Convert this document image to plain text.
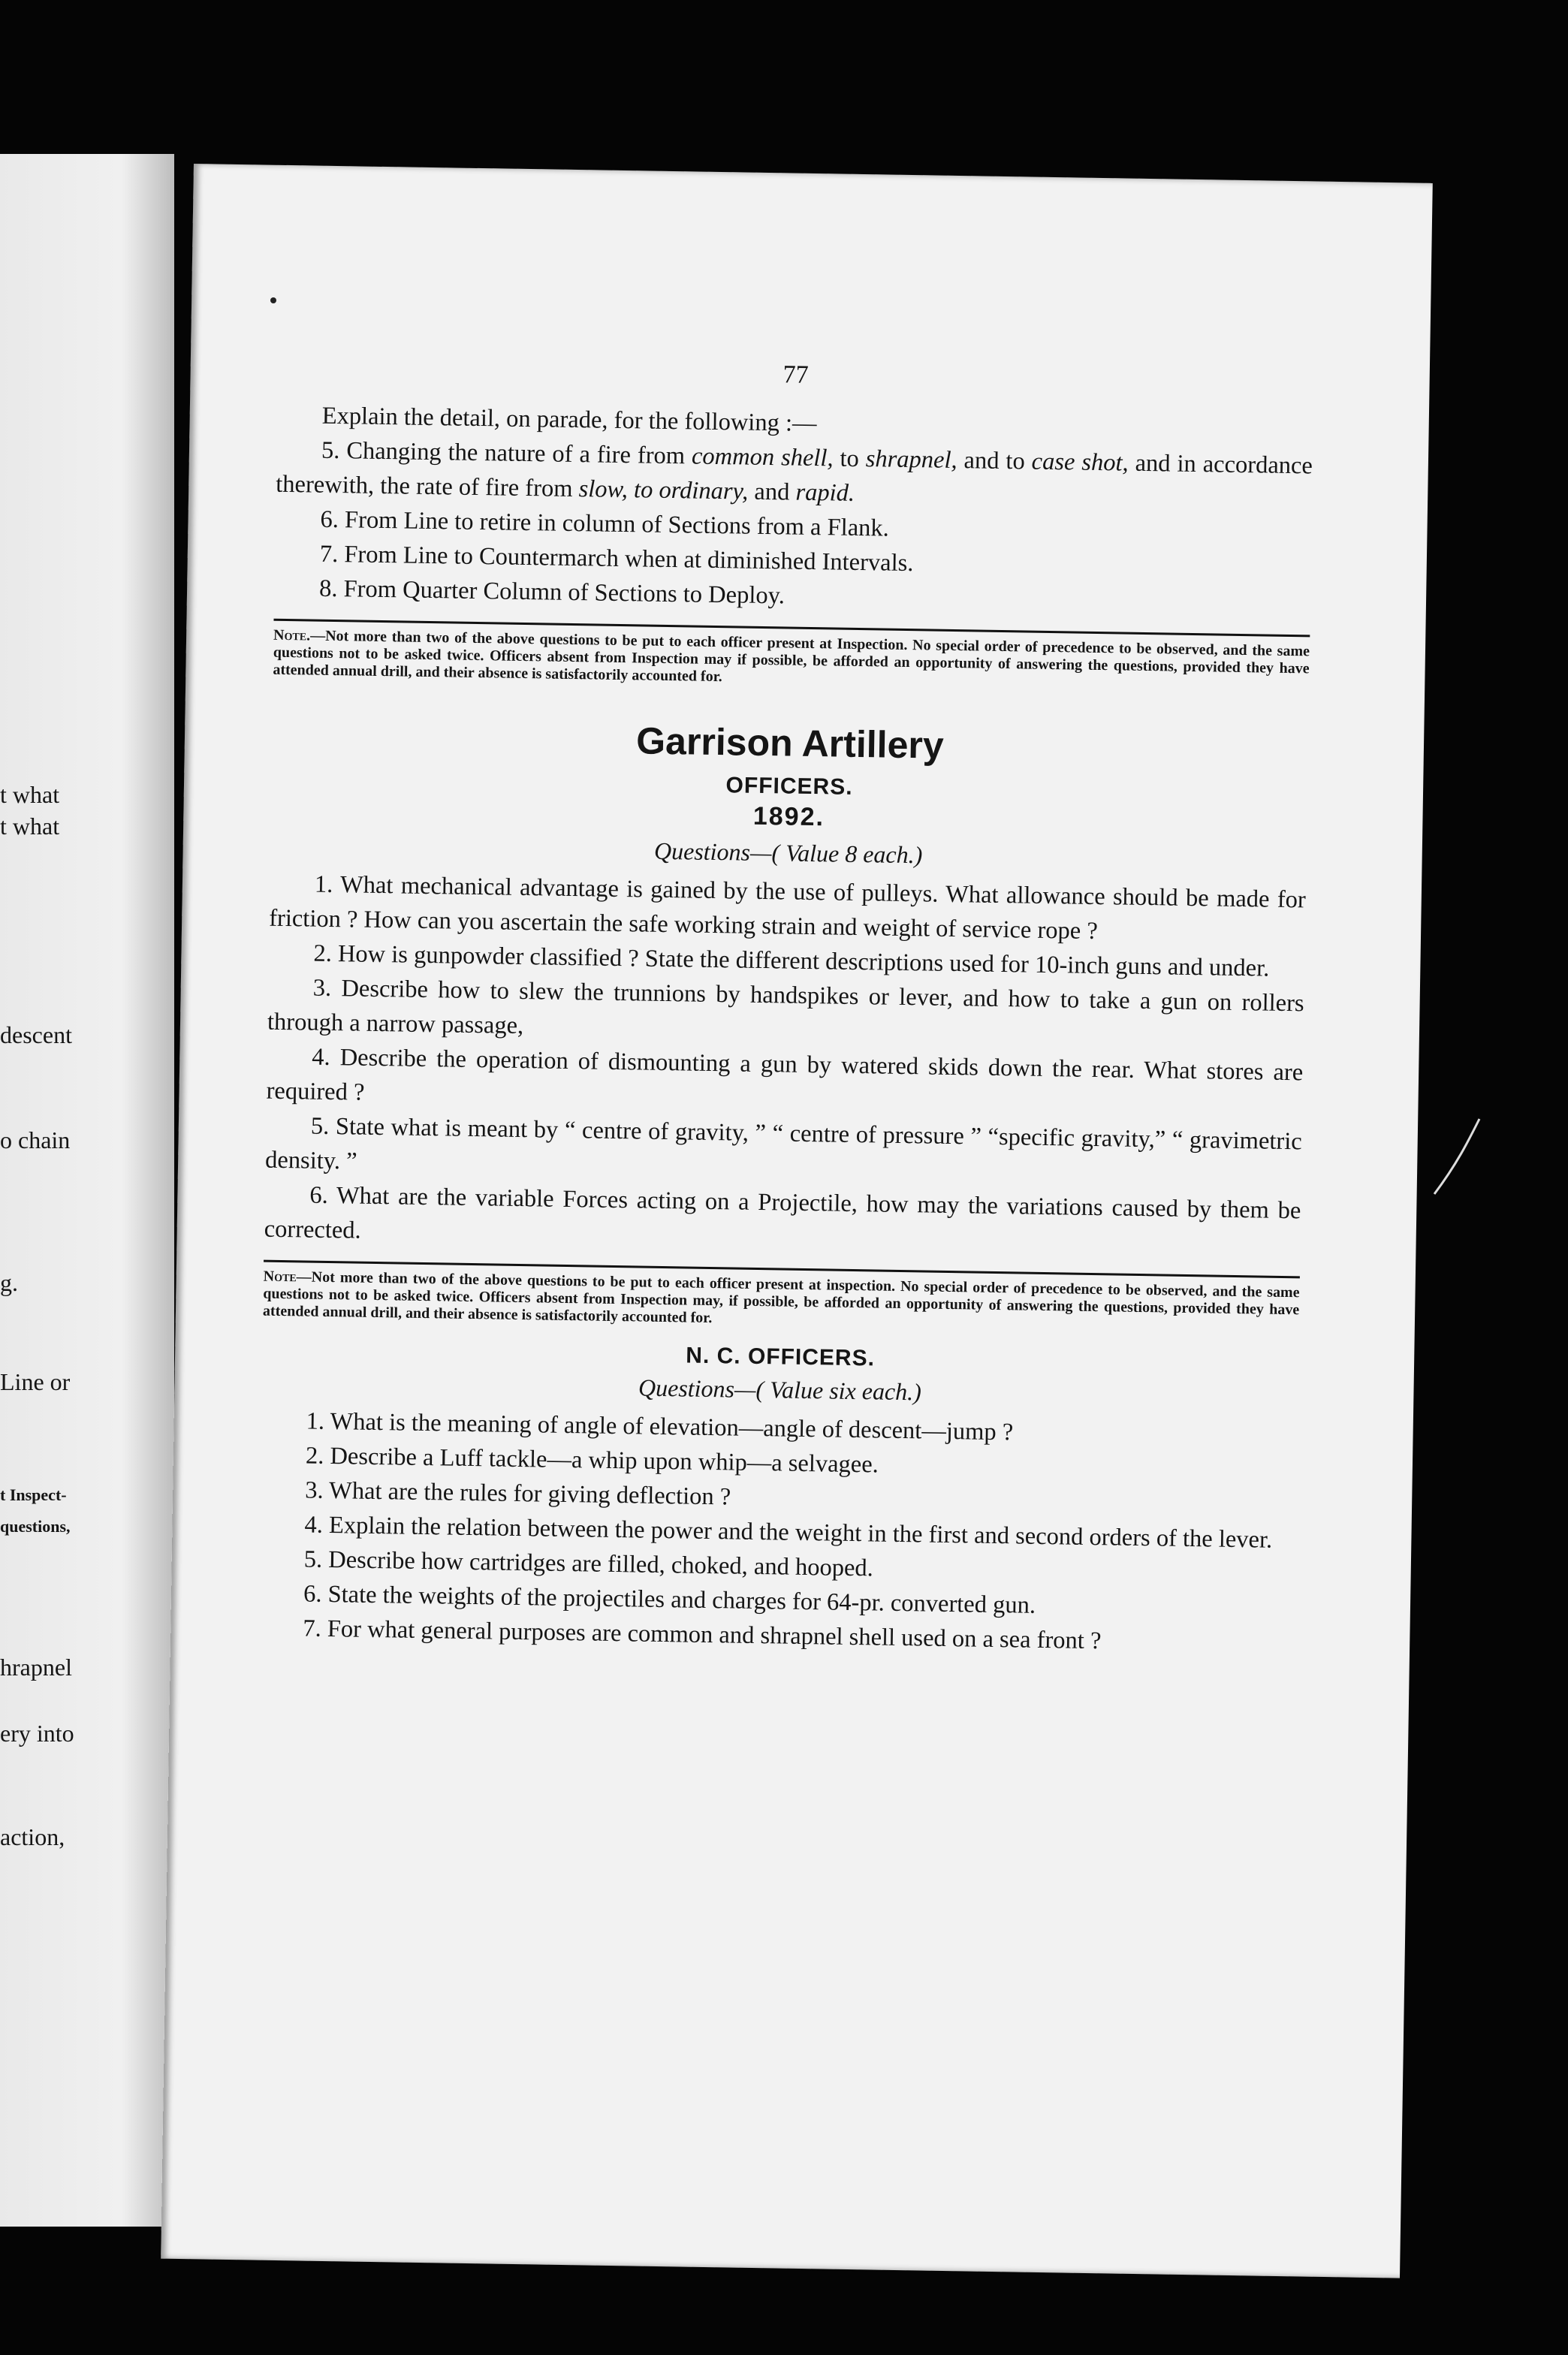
t what
t what
descent
o chain
g.
Line or
t Inspect-
questions,
hrapnel
ery into
action,
77

Explain the detail, on parade, for the following :—

5. Changing the nature of a fire from common shell, to shrapnel, and to case shot, and in accordance therewith, the rate of fire from slow, to ordinary, and rapid.

6. From Line to retire in column of Sections from a Flank.

7. From Line to Countermarch when at diminished Intervals.

8. From Quarter Column of Sections to Deploy.

Note.—Not more than two of the above questions to be put to each officer present at Inspection. No special order of precedence to be observed, and the same questions not to be asked twice. Officers absent from Inspection may if possible, be afforded an opportunity of answering the questions, provided they have attended annual drill, and their absence is satisfactorily accounted for.
Garrison Artillery
OFFICERS.
1892.
Questions—( Value 8 each.)

1. What mechanical advantage is gained by the use of pulleys. What allowance should be made for friction ? How can you ascertain the safe working strain and weight of service rope ?

2. How is gunpowder classified ? State the different descriptions used for 10-inch guns and under.

3. Describe how to slew the trunnions by handspikes or lever, and how to take a gun on rollers through a narrow passage,

4. Describe the operation of dismounting a gun by watered skids down the rear. What stores are required ?

5. State what is meant by “ centre of gravity, ” “ centre of pressure ” “specific gravity,” “ gravimetric density. ”

6. What are the variable Forces acting on a Projectile, how may the variations caused by them be corrected.

Note—Not more than two of the above questions to be put to each officer present at inspection. No special order of precedence to be observed, and the same questions not to be asked twice. Officers absent from Inspection may, if possible, be afforded an opportunity of answering the questions, provided they have attended annual drill, and their absence is satisfactorily accounted for.
N. C. OFFICERS.
Questions—( Value six each.)

1. What is the meaning of angle of elevation—angle of descent—jump ?

2. Describe a Luff tackle—a whip upon whip—a selvagee.

3. What are the rules for giving deflection ?

4. Explain the relation between the power and the weight in the first and second orders of the lever.

5. Describe how cartridges are filled, choked, and hooped.

6. State the weights of the projectiles and charges for 64-pr. converted gun.

7. For what general purposes are common and shrapnel shell used on a sea front ?
